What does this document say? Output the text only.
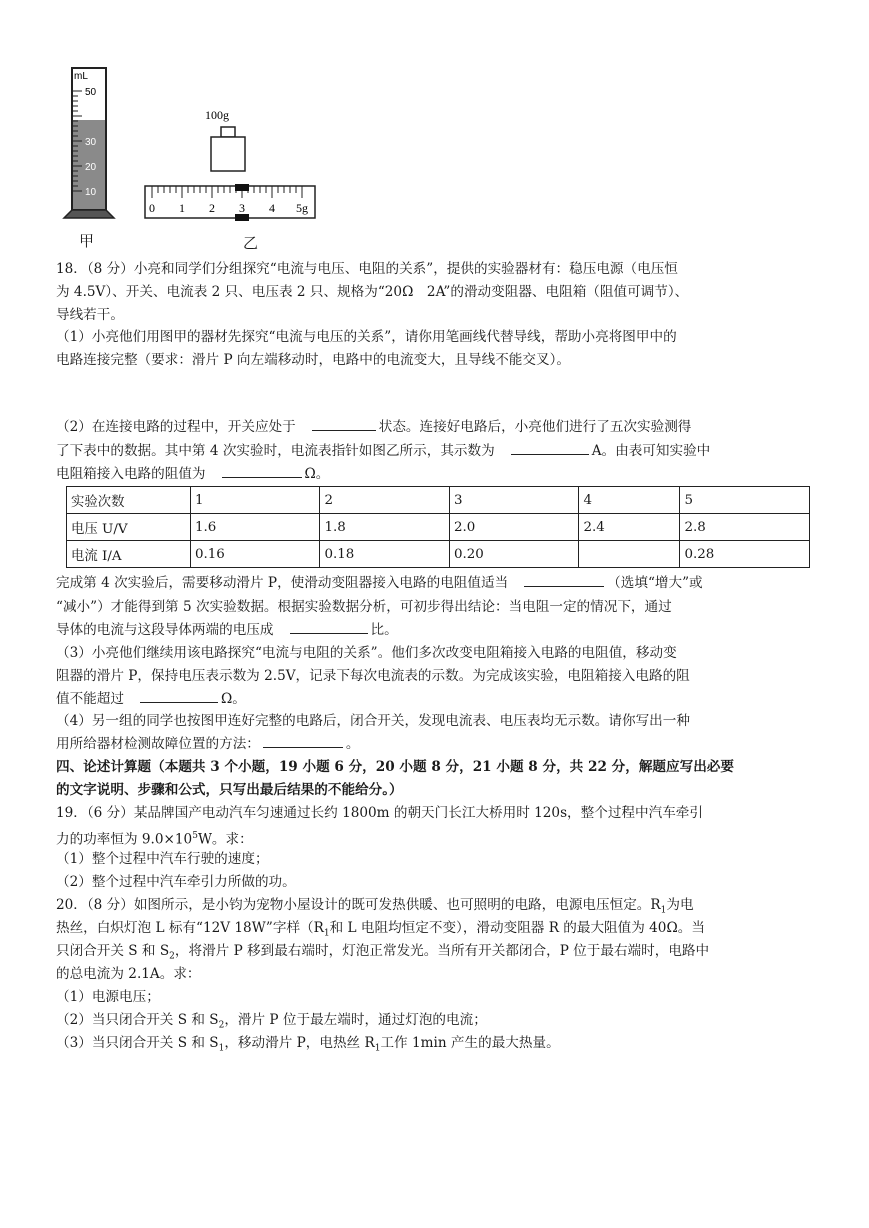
mL
50
40
30
20
10
甲
100g
0 1 2 3 4 5g
乙
18．（8 分）小亮和同学们分组探究“电流与电压、电阻的关系”，提供的实验器材有：稳压电源（电压恒
为 4.5V）、开关、电流表 2 只、电压表 2 只、规格为“20Ω　2A”的滑动变阻器、电阻箱（阻值可调节）、
导线若干。
（1）小亮他们用图甲的器材先探究“电流与电压的关系”，请你用笔画线代替导线，帮助小亮将图甲中的
电路连接完整（要求：滑片 P 向左端移动时，电路中的电流变大，且导线不能交叉）。
（2）在连接电路的过程中，开关应处于	状态。连接好电路后，小亮他们进行了五次实验测得
了下表中的数据。其中第 4 次实验时，电流表指针如图乙所示，其示数为	A。由表可知实验中
电阻箱接入电路的阻值为	Ω。
实验次数	1	2	3	4	5
电压 U/V	1.6	1.8	2.0	2.4	2.8
电流 I/A	0.16	0.18	0.20		0.28
完成第 4 次实验后，需要移动滑片 P，使滑动变阻器接入电路的电阻值适当	（选填“增大”或
“减小”）才能得到第 5 次实验数据。根据实验数据分析，可初步得出结论：当电阻一定的情况下，通过
导体的电流与这段导体两端的电压成	比。
（3）小亮他们继续用该电路探究“电流与电阻的关系”。他们多次改变电阻箱接入电路的电阻值，移动变
阻器的滑片 P，保持电压表示数为 2.5V，记录下每次电流表的示数。为完成该实验，电阻箱接入电路的阻
值不能超过	Ω。
（4）另一组的同学也按图甲连好完整的电路后，闭合开关，发现电流表、电压表均无示数。请你写出一种
用所给器材检测故障位置的方法：	。
四、论述计算题（本题共 3 个小题，19 小题 6 分，20 小题 8 分，21 小题 8 分，共 22 分，解题应写出必要
的文字说明、步骤和公式，只写出最后结果的不能给分。）
19．（6 分）某品牌国产电动汽车匀速通过长约 1800m 的朝天门长江大桥用时 120s，整个过程中汽车牵引
力的功率恒为 $9.0\times 10^5W$。求：
（1）整个过程中汽车行驶的速度；
（2）整个过程中汽车牵引力所做的功。
20．（8 分）如图所示，是小钧为宠物小屋设计的既可发热供暖、也可照明的电路，电源电压恒定。$R_1$为电
热丝，白炽灯泡 L 标有“12V 18W”字样（$R_1$和 L 电阻均恒定不变），滑动变阻器 R 的最大阻值为 40Ω。当
只闭合开关 S 和 $S_2$，将滑片 P 移到最右端时，灯泡正常发光。当所有开关都闭合，P 位于最右端时，电路中
的总电流为 2.1A。求：
（1）电源电压；
（2）当只闭合开关 S 和 $S_2$，滑片 P 位于最左端时，通过灯泡的电流；
（3）当只闭合开关 S 和 $S_1$，移动滑片 P，电热丝 $R_1$工作 1min 产生的最大热量。
